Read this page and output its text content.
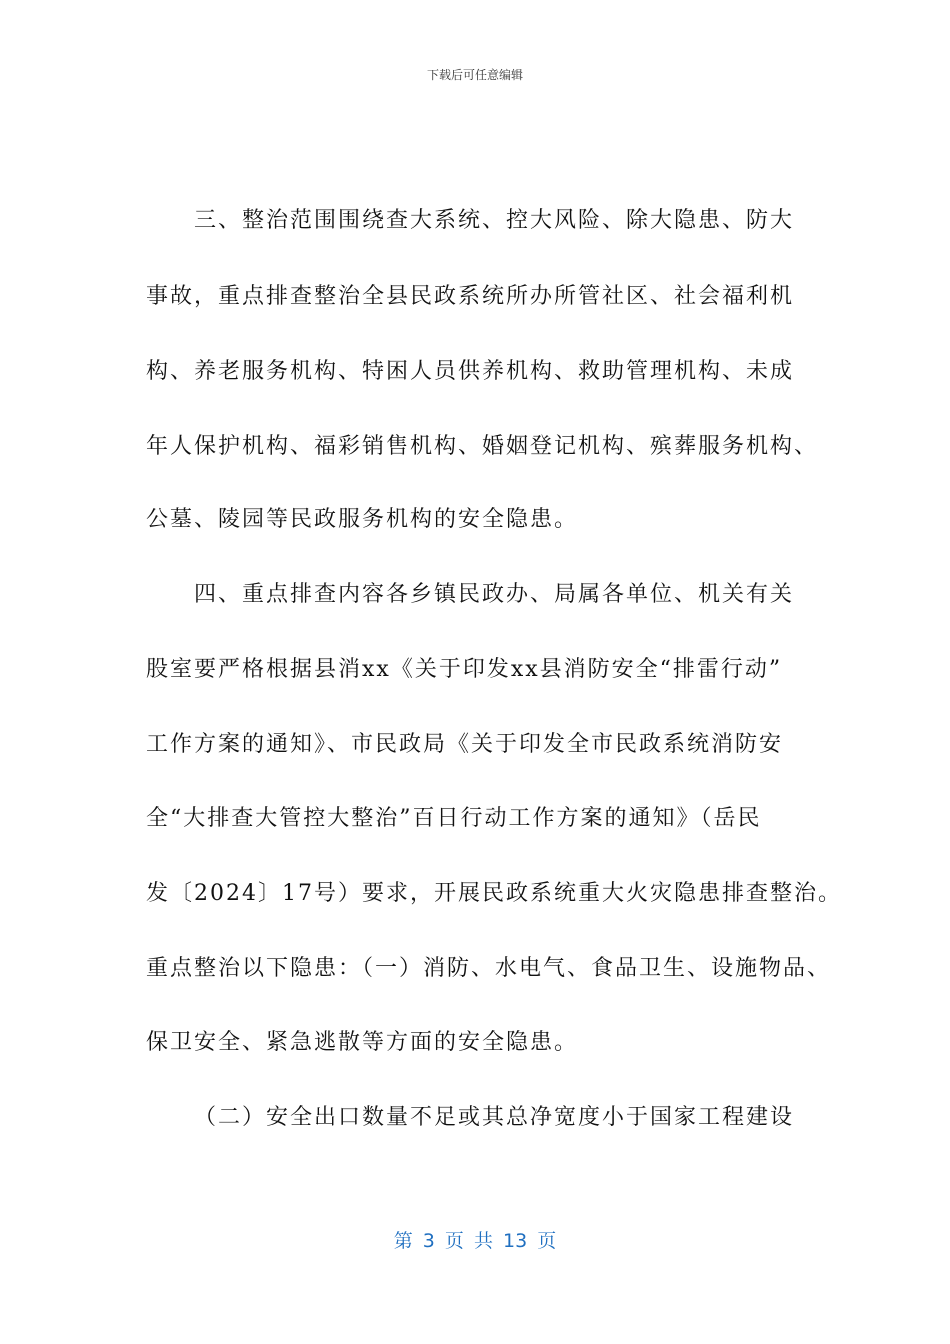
下载后可任意编辑
三、整治范围围绕查大系统、控大风险、除大隐患、防大
事故，重点排查整治全县民政系统所办所管社区、社会福利机
构、养老服务机构、特困人员供养机构、救助管理机构、未成
年人保护机构、福彩销售机构、婚姻登记机构、殡葬服务机构、
公墓、陵园等民政服务机构的安全隐患。
四、重点排查内容各乡镇民政办、局属各单位、机关有关
股室要严格根据县消xx《关于印发xx县消防安全“排雷行动”
工作方案的通知》、市民政局《关于印发全市民政系统消防安
全“大排查大管控大整治”百日行动工作方案的通知》（岳民
发〔2024〕17号）要求，开展民政系统重大火灾隐患排查整治。
重点整治以下隐患：（一）消防、水电气、食品卫生、设施物品、
保卫安全、紧急逃散等方面的安全隐患。
（二）安全出口数量不足或其总净宽度小于国家工程建设
第 3 页 共 13 页
